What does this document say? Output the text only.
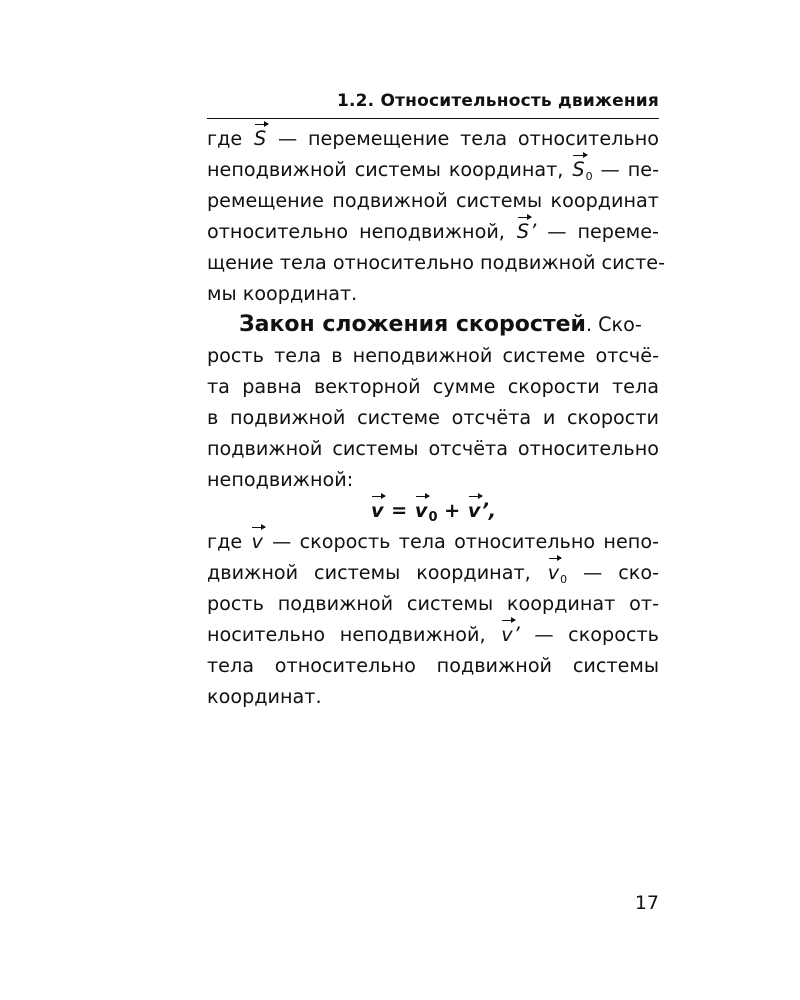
1.2. Относительность движения
где S — перемещение тела относительно
неподвижной системы координат, $S_0$ — пе-
ремещение подвижной системы координат
относительно неподвижной, S’ — переме-
щение тела относительно подвижной систе-
мы координат.
Закон сложения скоростей. Ско-
рость тела в неподвижной системе отсчё-
та равна векторной сумме скорости тела
в подвижной системе отсчёта и скорости
подвижной системы отсчёта относительно
неподвижной:
$v = v_0 + v$’,
где v — скорость тела относительно непо-
движной системы координат, $v_0$ — ско-
рость подвижной системы координат от-
носительно неподвижной, v’ — скорость
тела относительно подвижной системы
координат.
17
